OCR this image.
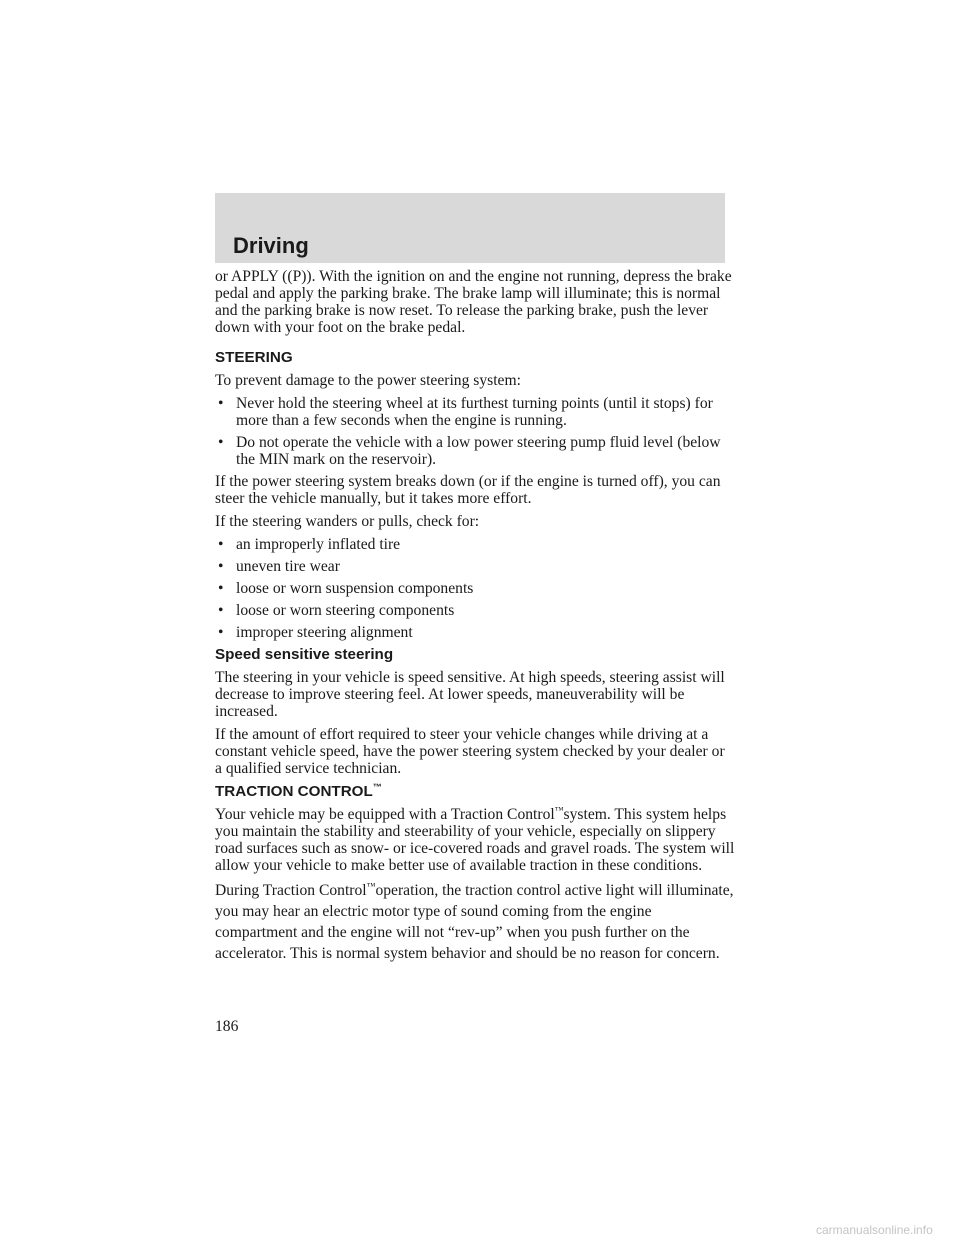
Driving

or APPLY ((P)). With the ignition on and the engine not running, depress the brake pedal and apply the parking brake. The brake lamp will illuminate; this is normal and the parking brake is now reset. To release the parking brake, push the lever down with your foot on the brake pedal.

STEERING

To prevent damage to the power steering system:

• Never hold the steering wheel at its furthest turning points (until it stops) for more than a few seconds when the engine is running.
• Do not operate the vehicle with a low power steering pump fluid level (below the MIN mark on the reservoir).

If the power steering system breaks down (or if the engine is turned off), you can steer the vehicle manually, but it takes more effort.

If the steering wanders or pulls, check for:

• an improperly inflated tire
• uneven tire wear
• loose or worn suspension components
• loose or worn steering components
• improper steering alignment
Speed sensitive steering

The steering in your vehicle is speed sensitive. At high speeds, steering assist will decrease to improve steering feel. At lower speeds, maneuverability will be increased.

If the amount of effort required to steer your vehicle changes while driving at a constant vehicle speed, have the power steering system checked by your dealer or a qualified service technician.

TRACTION CONTROL™

Your vehicle may be equipped with a Traction Control™system. This system helps you maintain the stability and steerability of your vehicle, especially on slippery road surfaces such as snow- or ice-covered roads and gravel roads. The system will allow your vehicle to make better use of available traction in these conditions.

During Traction Control™operation, the traction control active light will illuminate, you may hear an electric motor type of sound coming from the engine compartment and the engine will not “rev-up” when you push further on the accelerator. This is normal system behavior and should be no reason for concern.

186
carmanualsonline.info
